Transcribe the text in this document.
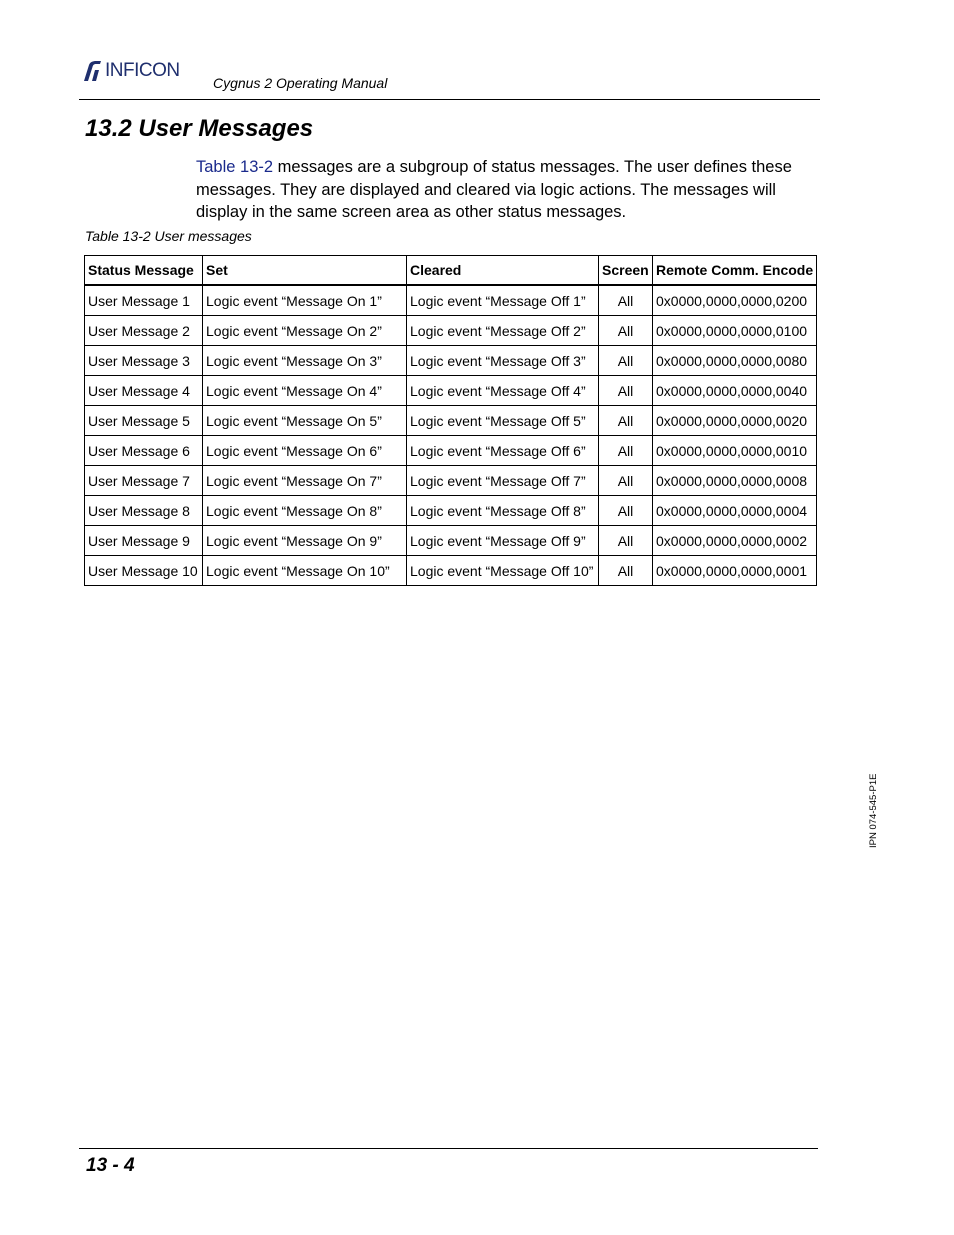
INFICON
Cygnus 2 Operating Manual
13.2 User Messages

Table 13-2 messages are a subgroup of status messages. The user defines these messages. They are displayed and cleared via logic actions. The messages will display in the same screen area as other status messages.

Table 13-2 User messages
Status Message	Set	Cleared	Screen	Remote Comm. Encode
User Message 1	Logic event “Message On 1”	Logic event “Message Off 1”	All	0x0000,0000,0000,0200
User Message 2	Logic event “Message On 2”	Logic event “Message Off 2”	All	0x0000,0000,0000,0100
User Message 3	Logic event “Message On 3”	Logic event “Message Off 3”	All	0x0000,0000,0000,0080
User Message 4	Logic event “Message On 4”	Logic event “Message Off 4”	All	0x0000,0000,0000,0040
User Message 5	Logic event “Message On 5”	Logic event “Message Off 5”	All	0x0000,0000,0000,0020
User Message 6	Logic event “Message On 6”	Logic event “Message Off 6”	All	0x0000,0000,0000,0010
User Message 7	Logic event “Message On 7”	Logic event “Message Off 7”	All	0x0000,0000,0000,0008
User Message 8	Logic event “Message On 8”	Logic event “Message Off 8”	All	0x0000,0000,0000,0004
User Message 9	Logic event “Message On 9”	Logic event “Message Off 9”	All	0x0000,0000,0000,0002
User Message 10	Logic event “Message On 10”	Logic event “Message Off 10”	All	0x0000,0000,0000,0001
IPN 074-545-P1E
13 - 4
